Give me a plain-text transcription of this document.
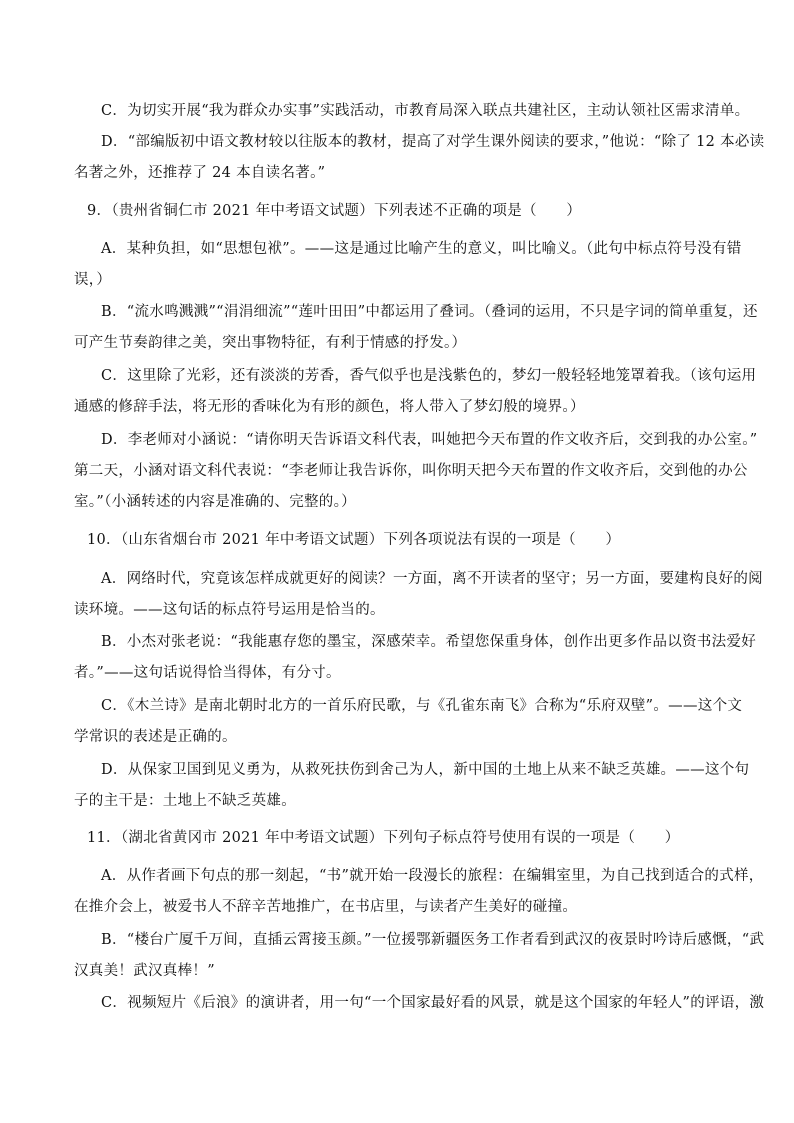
C．为切实开展“我为群众办实事”实践活动，市教育局深入联点共建社区，主动认领社区需求清单。
D．“部编版初中语文教材较以往版本的教材，提高了对学生课外阅读的要求，”他说：“除了 12 本必读
名著之外，还推荐了 24 本自读名著。”
9．（贵州省铜仁市 2021 年中考语文试题）下列表述不正确的项是（　　）
A．某种负担，如“思想包袱”。——这是通过比喻产生的意义，叫比喻义。（此句中标点符号没有错
误，）
B．“流水鸣溅溅”“涓涓细流”“莲叶田田”中都运用了叠词。（叠词的运用，不只是字词的简单重复，还
可产生节奏韵律之美，突出事物特征，有利于情感的抒发。）
C．这里除了光彩，还有淡淡的芳香，香气似乎也是浅紫色的，梦幻一般轻轻地笼罩着我。（该句运用
通感的修辞手法，将无形的香味化为有形的颜色，将人带入了梦幻般的境界。）
D．李老师对小涵说：“请你明天告诉语文科代表，叫她把今天布置的作文收齐后，交到我的办公室。”
第二天，小涵对语文科代表说：“李老师让我告诉你，叫你明天把今天布置的作文收齐后，交到他的办公
室。”（小涵转述的内容是准确的、完整的。）
10．（山东省烟台市 2021 年中考语文试题）下列各项说法有误的一项是（　　）
A．网络时代，究竟该怎样成就更好的阅读？一方面，离不开读者的坚守；另一方面，要建构良好的阅
读环境。——这句话的标点符号运用是恰当的。
B．小杰对张老说：“我能惠存您的墨宝，深感荣幸。希望您保重身体，创作出更多作品以资书法爱好
者。”——这句话说得恰当得体，有分寸。
C．《木兰诗》是南北朝时北方的一首乐府民歌，与《孔雀东南飞》合称为“乐府双壁”。——这个文
学常识的表述是正确的。
D．从保家卫国到见义勇为，从救死扶伤到舍己为人，新中国的土地上从来不缺乏英雄。——这个句
子的主干是：土地上不缺乏英雄。
11．（湖北省黄冈市 2021 年中考语文试题）下列句子标点符号使用有误的一项是（　　）
A．从作者画下句点的那一刻起，“书”就开始一段漫长的旅程：在编辑室里，为自己找到适合的式样，
在推介会上，被爱书人不辞辛苦地推广，在书店里，与读者产生美好的碰撞。
B．“楼台广厦千万间，直插云霄接玉颜。”一位援鄂新疆医务工作者看到武汉的夜景时吟诗后感慨，“武
汉真美！武汉真棒！”
C．视频短片《后浪》的演讲者，用一句“一个国家最好看的风景，就是这个国家的年轻人”的评语，激
